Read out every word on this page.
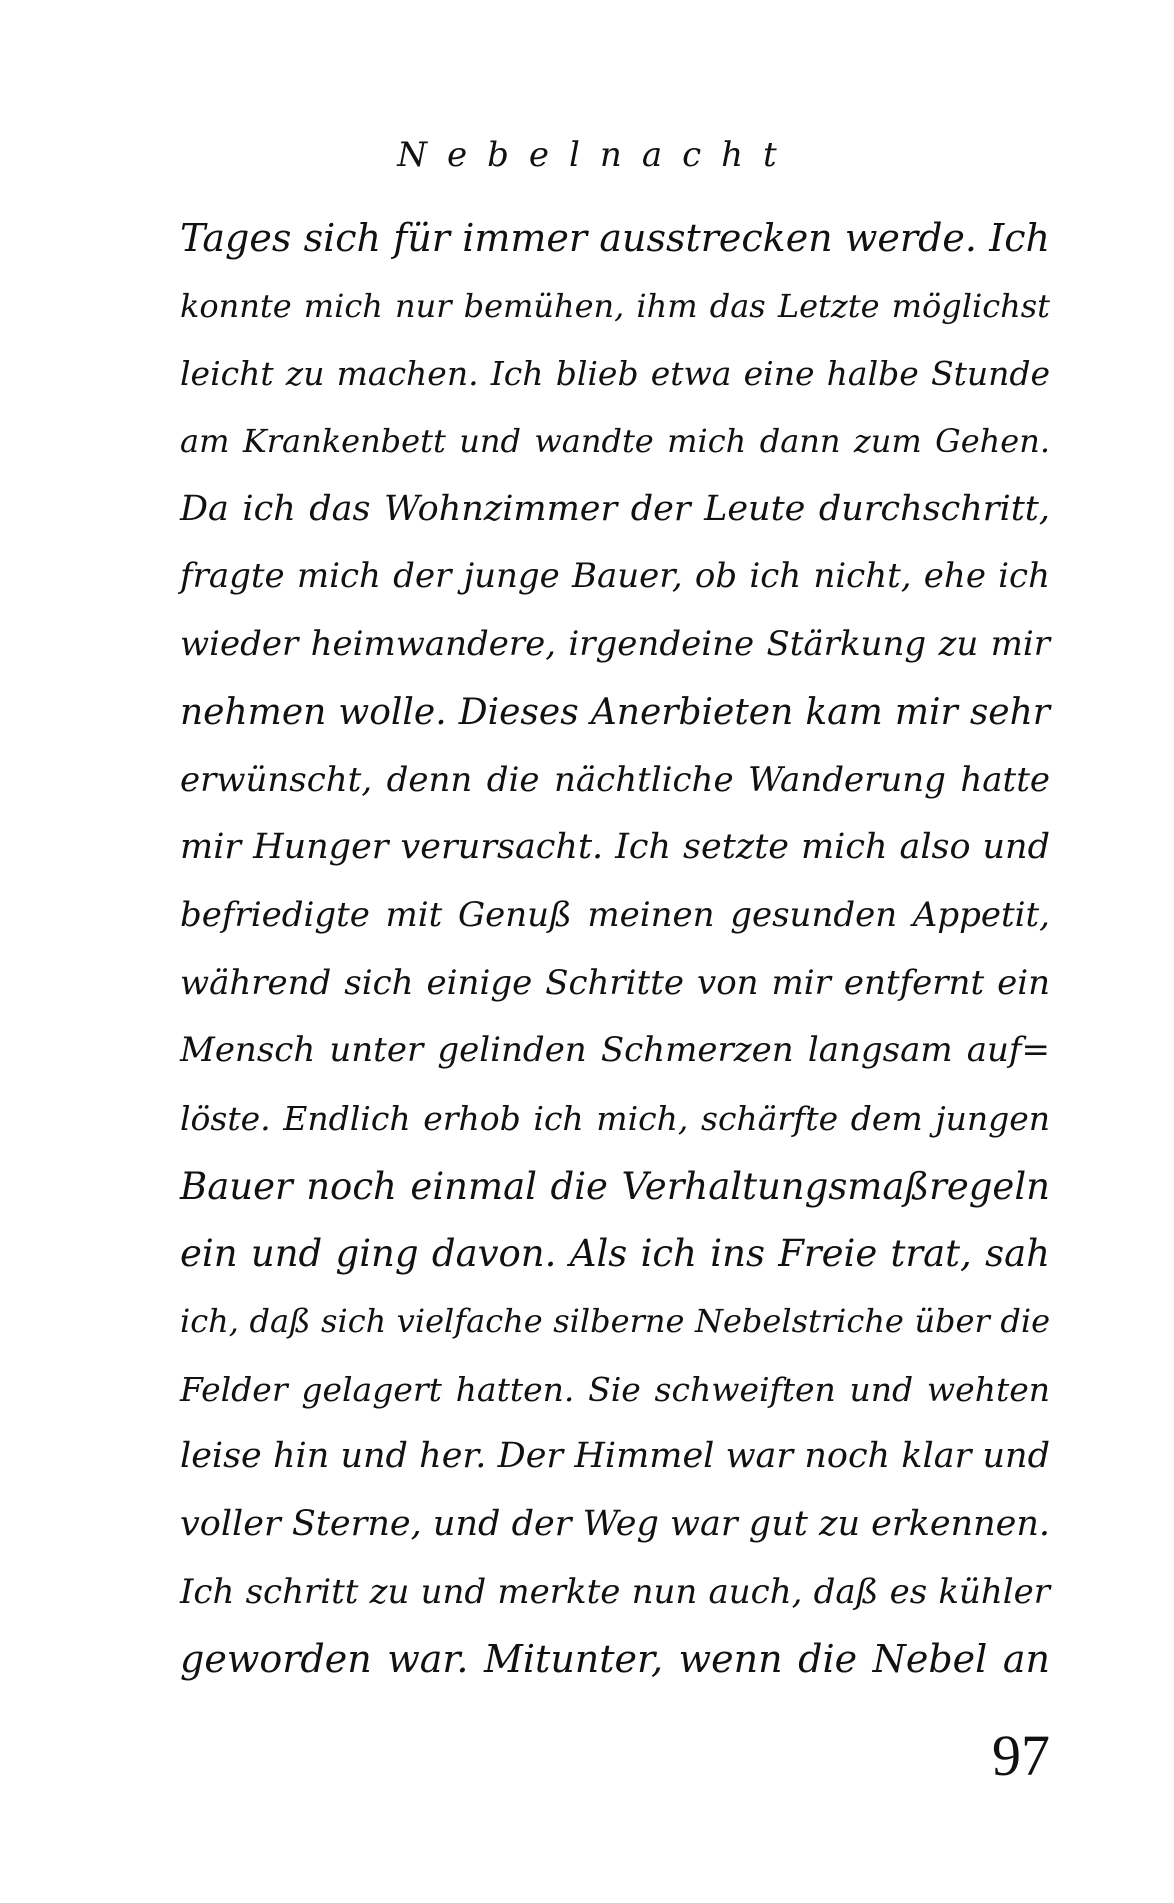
Nebelnacht
Tages sich für immer ausstrecken werde. Ich
konnte mich nur bemühen, ihm das Letzte möglichst
leicht zu machen. Ich blieb etwa eine halbe Stunde
am Krankenbett und wandte mich dann zum Gehen.
Da ich das Wohnzimmer der Leute durchschritt,
fragte mich der junge Bauer, ob ich nicht, ehe ich
wieder heimwandere, irgendeine Stärkung zu mir
nehmen wolle. Dieses Anerbieten kam mir sehr
erwünscht, denn die nächtliche Wanderung hatte
mir Hunger verursacht. Ich setzte mich also und
befriedigte mit Genuß meinen gesunden Appetit,
während sich einige Schritte von mir entfernt ein
Mensch unter gelinden Schmerzen langsam auf=
löste. Endlich erhob ich mich, schärfte dem jungen
Bauer noch einmal die Verhaltungsmaßregeln
ein und ging davon. Als ich ins Freie trat, sah
ich, daß sich vielfache silberne Nebelstriche über die
Felder gelagert hatten. Sie schweiften und wehten
leise hin und her. Der Himmel war noch klar und
voller Sterne, und der Weg war gut zu erkennen.
Ich schritt zu und merkte nun auch, daß es kühler
geworden war. Mitunter, wenn die Nebel an
97
